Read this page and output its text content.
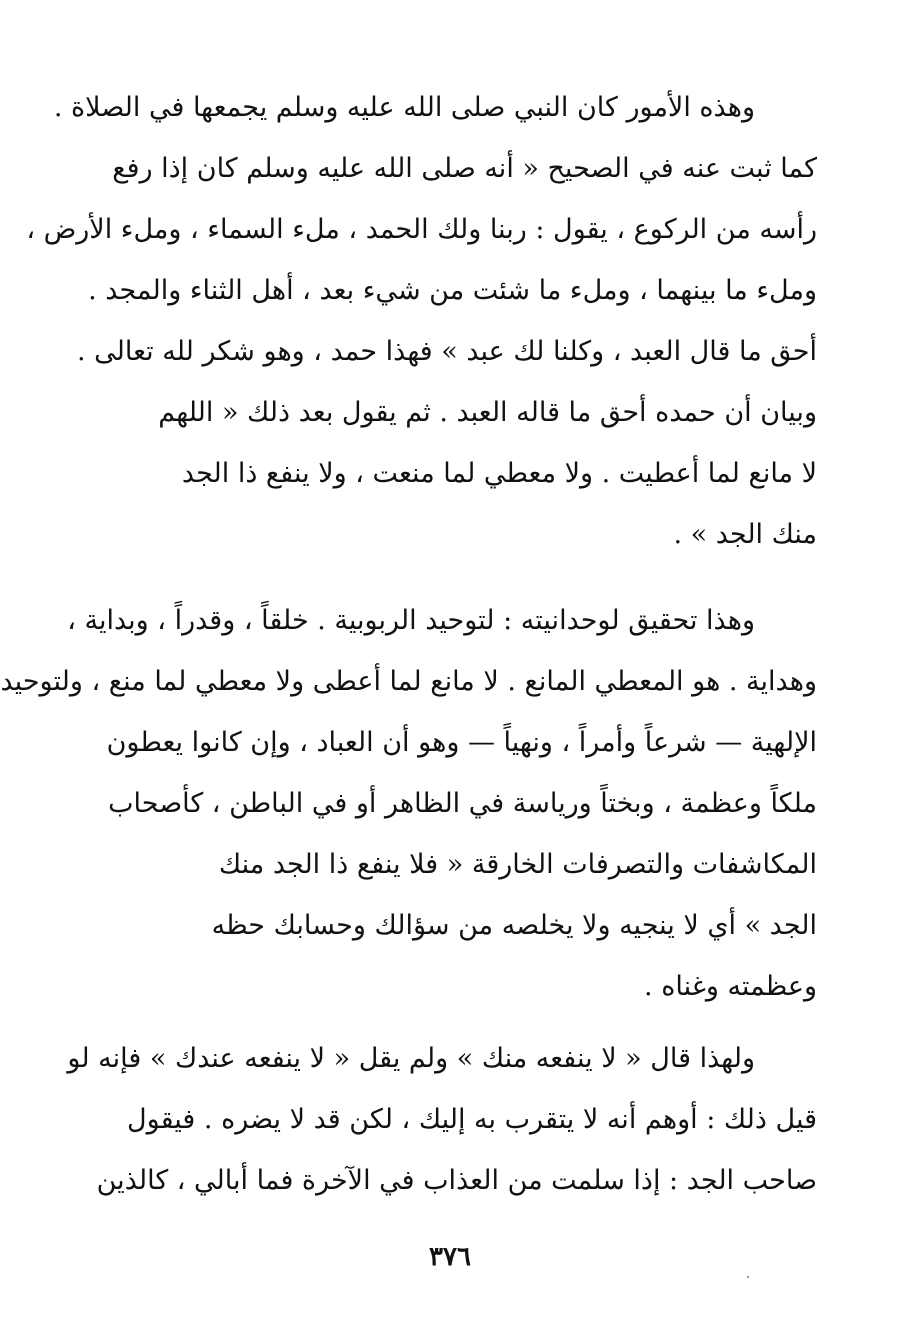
وهذه الأمور كان النبي صلى الله عليه وسلم يجمعها في الصلاة .
كما ثبت عنه في الصحيح « أنه صلى الله عليه وسلم كان إذا رفع
رأسه من الركوع ، يقول : ربنا ولك الحمد ، ملء السماء ، وملء الأرض ،
وملء ما بينهما ، وملء ما شئت من شيء بعد ، أهل الثناء والمجد .
أحق ما قال العبد ، وكلنا لك عبد » فهذا حمد ، وهو شكر لله تعالى .
وبيان أن حمده أحق ما قاله العبد . ثم يقول بعد ذلك « اللهم
لا مانع لما أعطيت . ولا معطي لما منعت ، ولا ينفع ذا الجد
منك الجد » .
وهذا تحقيق لوحدانيته : لتوحيد الربوبية . خلقاً ، وقدراً ، وبداية ،
وهداية . هو المعطي المانع . لا مانع لما أعطى ولا معطي لما منع ، ولتوحيد
الإلهية — شرعاً وأمراً ، ونهياً — وهو أن العباد ، وإن كانوا يعطون
ملكاً وعظمة ، وبختاً ورياسة في الظاهر أو في الباطن ، كأصحاب
المكاشفات والتصرفات الخارقة « فلا ينفع ذا الجد منك
الجد » أي لا ينجيه ولا يخلصه من سؤالك وحسابك حظه
وعظمته وغناه .
ولهذا قال « لا ينفعه منك » ولم يقل « لا ينفعه عندك » فإنه لو
قيل ذلك : أوهم أنه لا يتقرب به إليك ، لكن قد لا يضره . فيقول
صاحب الجد : إذا سلمت من العذاب في الآخرة فما أبالي ، كالذين
٣٧٦
